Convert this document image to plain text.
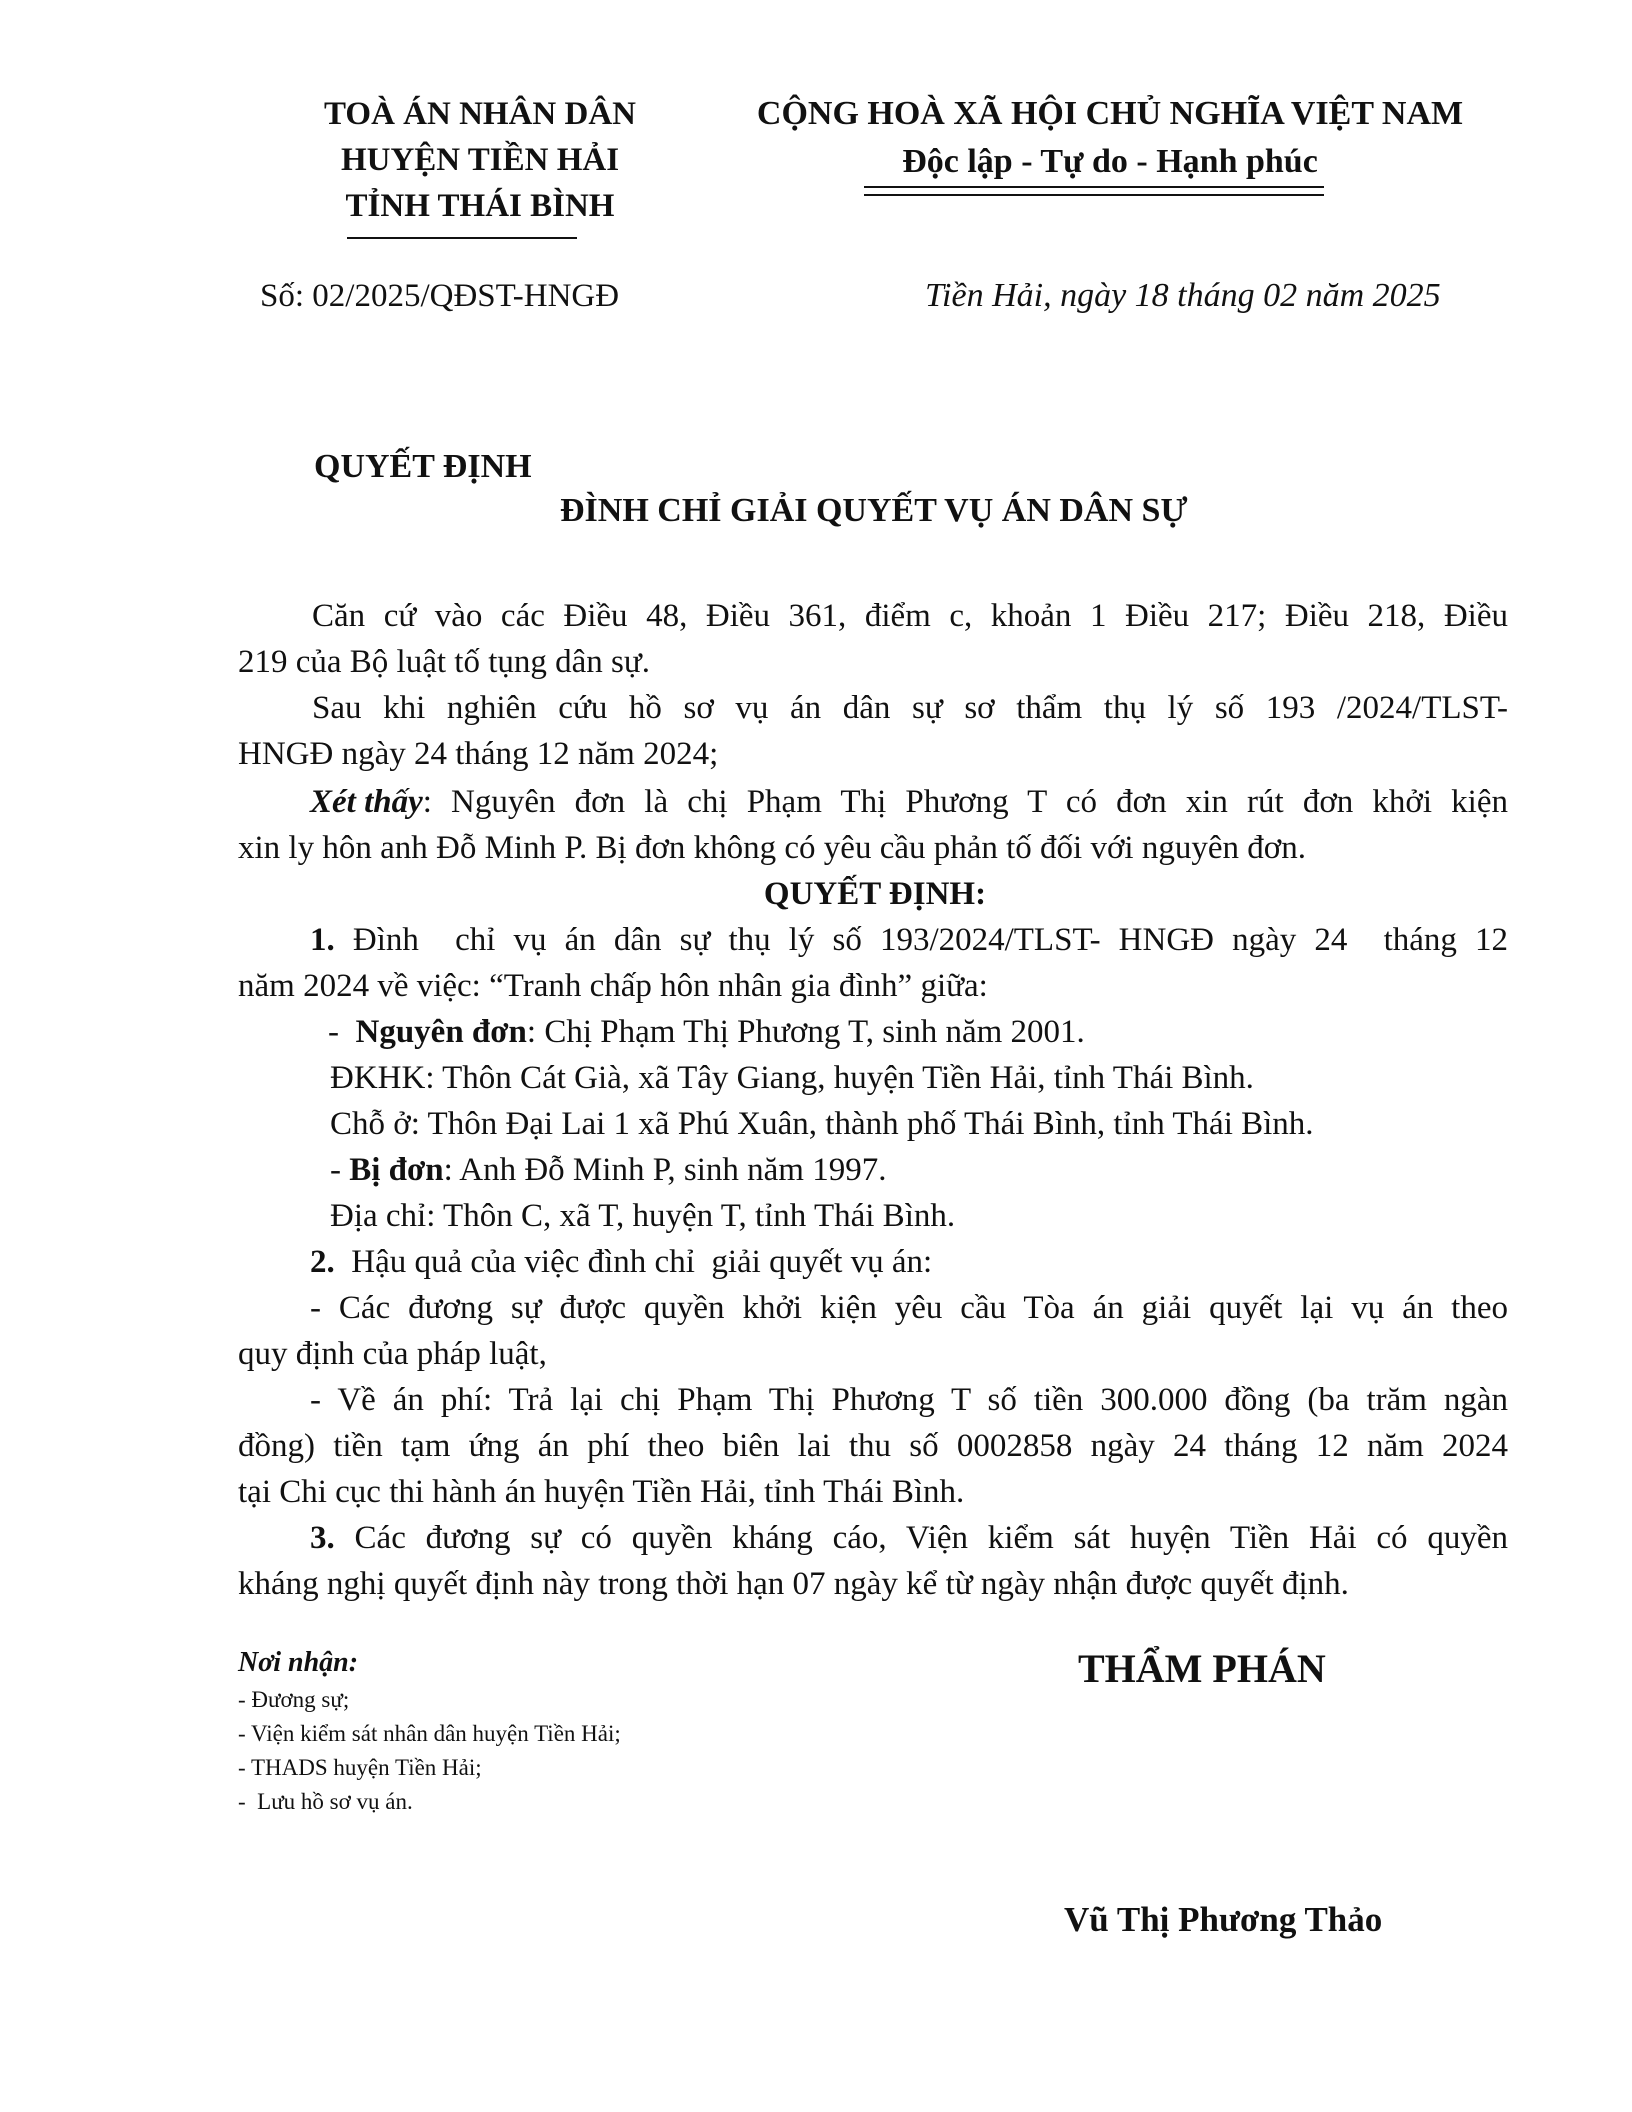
TOÀ ÁN NHÂN DÂN
HUYỆN TIỀN HẢI
TỈNH THÁI BÌNH
CỘNG HOÀ XÃ HỘI CHỦ NGHĨA VIỆT NAM
Độc lập - Tự do - Hạnh phúc
Số: 02/2025/QĐST-HNGĐ	Tiền Hải, ngày 18 tháng 02 năm 2025
QUYẾT ĐỊNH
ĐÌNH CHỈ GIẢI QUYẾT VỤ ÁN DÂN SỰ
Căn cứ vào các Điều 48, Điều 361, điểm c, khoản 1 Điều 217; Điều 218, Điều
219 của Bộ luật tố tụng dân sự.
Sau khi nghiên cứu hồ sơ vụ án dân sự sơ thẩm thụ lý số 193 /2024/TLST-
HNGĐ ngày 24 tháng 12 năm 2024;
Xét thấy : Nguyên đơn là chị Phạm Thị Phương T có đơn xin rút đơn khởi kiện
xin ly hôn anh Đỗ Minh P. Bị đơn không có yêu cầu phản tố đối với nguyên đơn.
QUYẾT ĐỊNH:
1. Đình  chỉ vụ án dân sự thụ lý số 193/2024/TLST- HNGĐ ngày 24  tháng 12
năm 2024 về việc: “Tranh chấp hôn nhân gia đình” giữa:
-  Nguyên đơn: Chị Phạm Thị Phương T, sinh năm 2001.
ĐKHK: Thôn Cát Già, xã Tây Giang, huyện Tiền Hải, tỉnh Thái Bình.
Chỗ ở: Thôn Đại Lai 1 xã Phú Xuân, thành phố Thái Bình, tỉnh Thái Bình.
- Bị đơn: Anh Đỗ Minh P, sinh năm 1997.
Địa chỉ: Thôn C, xã T, huyện T, tỉnh Thái Bình.
2.  Hậu quả của việc đình chỉ  giải quyết vụ án:
- Các đương sự được quyền khởi kiện yêu cầu Tòa án giải quyết lại vụ án theo
quy định của pháp luật,
- Về án phí: Trả lại chị Phạm Thị Phương T số tiền 300.000 đồng (ba trăm ngàn
đồng) tiền tạm ứng án phí theo biên lai thu số 0002858 ngày 24 tháng 12 năm 2024
tại Chi cục thi hành án huyện Tiền Hải, tỉnh Thái Bình.
3. Các đương sự có quyền kháng cáo, Viện kiểm sát huyện Tiền Hải có quyền
kháng nghị quyết định này trong thời hạn 07 ngày kể từ ngày nhận được quyết định.
Nơi nhận:
- Đương sự;
- Viện kiểm sát nhân dân huyện Tiền Hải;
- THADS huyện Tiền Hải;
-  Lưu hồ sơ vụ án.
THẨM PHÁN
Vũ Thị Phương Thảo
